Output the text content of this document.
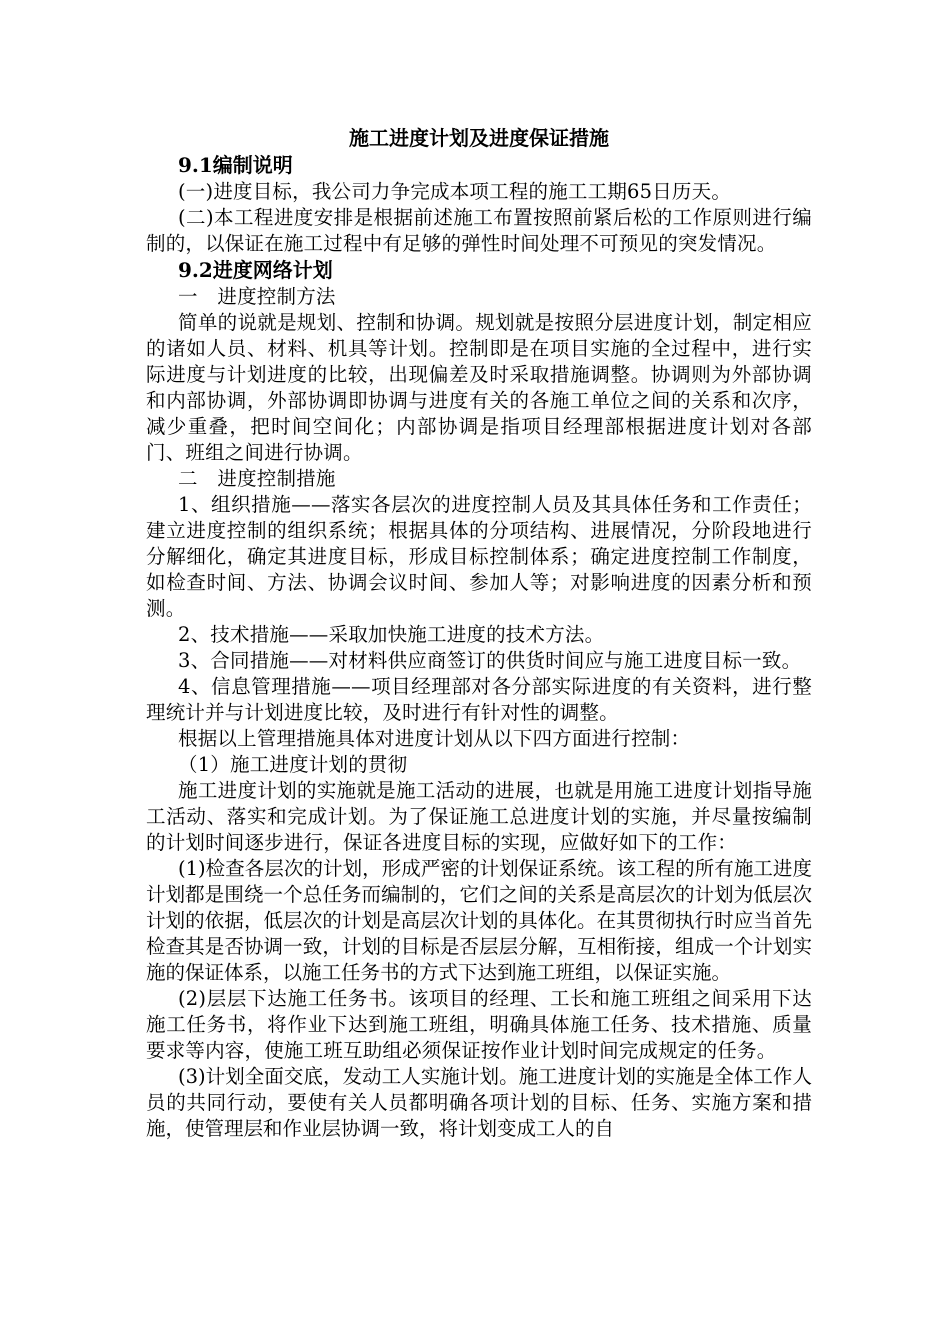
施工进度计划及进度保证措施

9.1编制说明

(一)进度目标，我公司力争完成本项工程的施工工期65日历天。

(二)本工程进度安排是根据前述施工布置按照前紧后松的工作原则进行编制的，以保证在施工过程中有足够的弹性时间处理不可预见的突发情况。

9.2进度网络计划

一　进度控制方法

简单的说就是规划、控制和协调。规划就是按照分层进度计划，制定相应的诸如人员、材料、机具等计划。控制即是在项目实施的全过程中，进行实际进度与计划进度的比较，出现偏差及时采取措施调整。协调则为外部协调和内部协调，外部协调即协调与进度有关的各施工单位之间的关系和次序，减少重叠，把时间空间化；内部协调是指项目经理部根据进度计划对各部门、班组之间进行协调。

二　进度控制措施

1、组织措施——落实各层次的进度控制人员及其具体任务和工作责任；建立进度控制的组织系统；根据具体的分项结构、进展情况，分阶段地进行分解细化，确定其进度目标，形成目标控制体系；确定进度控制工作制度，如检查时间、方法、协调会议时间、参加人等；对影响进度的因素分析和预测。

2、技术措施——采取加快施工进度的技术方法。

3、合同措施——对材料供应商签订的供货时间应与施工进度目标一致。

4、信息管理措施——项目经理部对各分部实际进度的有关资料，进行整理统计并与计划进度比较，及时进行有针对性的调整。

根据以上管理措施具体对进度计划从以下四方面进行控制：

（1）施工进度计划的贯彻

施工进度计划的实施就是施工活动的进展，也就是用施工进度计划指导施工活动、落实和完成计划。为了保证施工总进度计划的实施，并尽量按编制的计划时间逐步进行，保证各进度目标的实现，应做好如下的工作：

(1)检查各层次的计划，形成严密的计划保证系统。该工程的所有施工进度计划都是围绕一个总任务而编制的，它们之间的关系是高层次的计划为低层次计划的依据，低层次的计划是高层次计划的具体化。在其贯彻执行时应当首先检查其是否协调一致，计划的目标是否层层分解，互相衔接，组成一个计划实施的保证体系，以施工任务书的方式下达到施工班组，以保证实施。

(2)层层下达施工任务书。该项目的经理、工长和施工班组之间采用下达施工任务书，将作业下达到施工班组，明确具体施工任务、技术措施、质量要求等内容，使施工班互助组必须保证按作业计划时间完成规定的任务。

(3)计划全面交底，发动工人实施计划。施工进度计划的实施是全体工作人员的共同行动，要使有关人员都明确各项计划的目标、任务、实施方案和措施，使管理层和作业层协调一致，将计划变成工人的自
